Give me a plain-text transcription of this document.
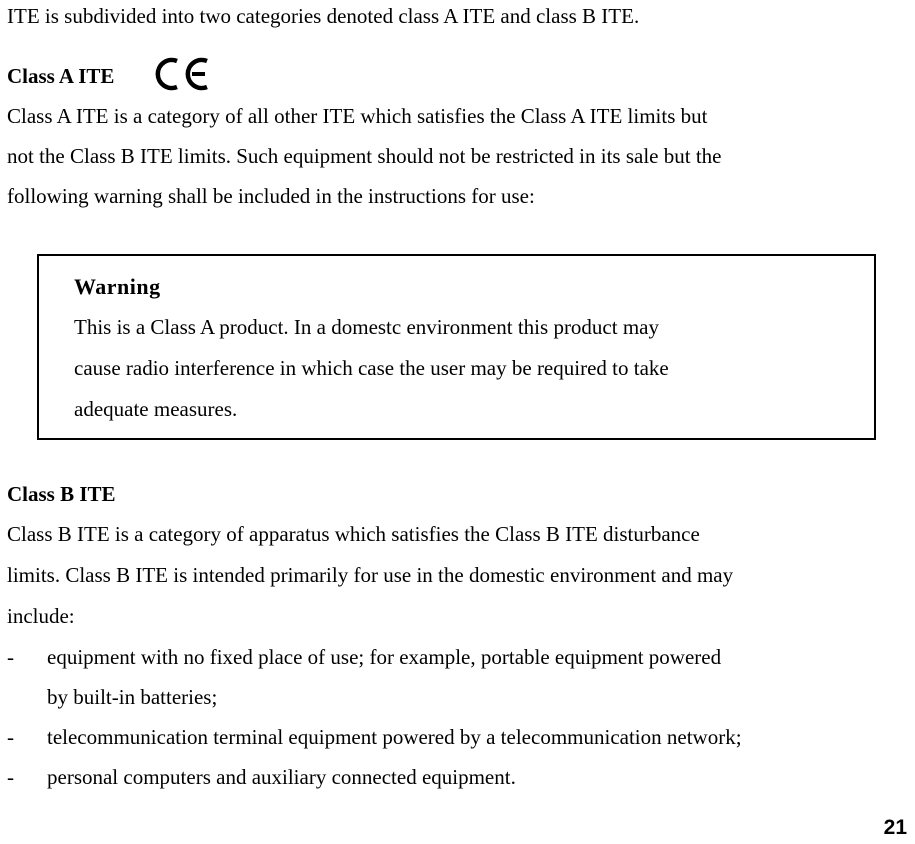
ITE is subdivided into two categories denoted class A ITE and class B ITE.
Class A ITE
Class A ITE is a category of all other ITE which satisfies the Class A ITE limits but
not the Class B ITE limits. Such equipment should not be restricted in its sale but the
following warning shall be included in the instructions for use:
Warning
This is a Class A product. In a domestc environment this product may
cause radio interference in which case the user may be required to take
adequate measures.
Class B ITE
Class B ITE is a category of apparatus which satisfies the Class B ITE disturbance
limits. Class B ITE is intended primarily for use in the domestic environment and may
include:
- equipment with no fixed place of use; for example, portable equipment powered
by built-in batteries;
- telecommunication terminal equipment powered by a telecommunication network;
- personal computers and auxiliary connected equipment.
21
